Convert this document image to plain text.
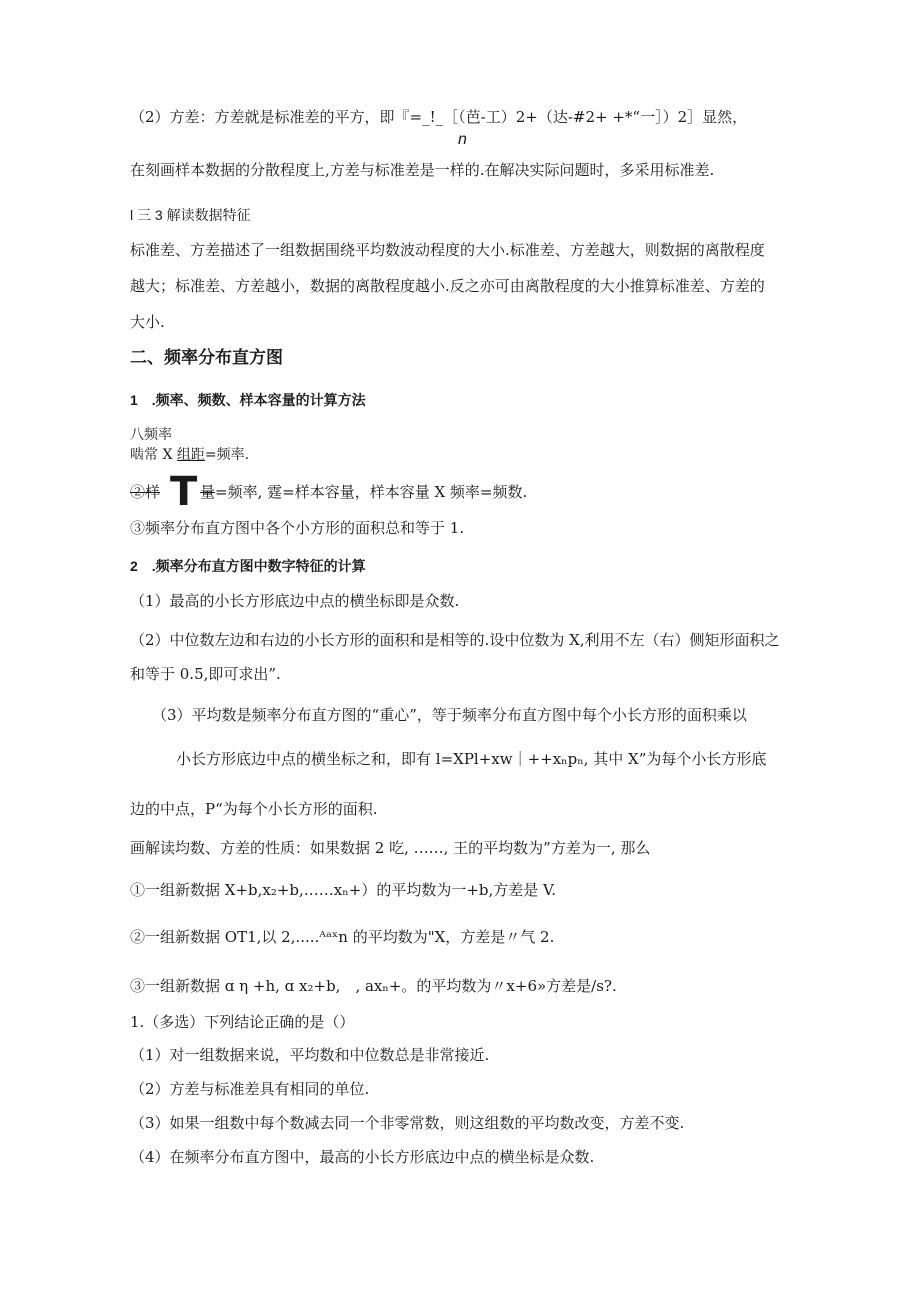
（2）方差：方差就是标准差的平方，即『=_!_［（芭-工）2+（达-#2+ +*“一］）2］显然，
n
在刻画样本数据的分散程度上,方差与标准差是一样的.在解决实际问题时，多采用标准差.
l 三 3 解读数据特征
标准差、方差描述了一组数据围绕平均数波动程度的大小.标准差、方差越大，则数据的离散程度
越大；标准差、方差越小，数据的离散程度越小.反之亦可由离散程度的大小推算标准差、方差的
大小.
二、频率分布直方图
1　.频率、频数、样本容量的计算方法
八频率
啮常 X 组距=频率.
②样	量=频率, 霆=样本容量，样本容量 X 频率=频数.
T
③频率分布直方图中各个小方形的面积总和等于 1.
2　.频率分布直方图中数字特征的计算
（1）最高的小长方形底边中点的横坐标即是众数.
（2）中位数左边和右边的小长方形的面积和是相等的.设中位数为 X,利用不左（右）侧矩形面积之
和等于 0.5,即可求出”.
（3）平均数是频率分布直方图的“重心”，等于频率分布直方图中每个小长方形的面积乘以
小长方形底边中点的横坐标之和，即有 l=XPl+xw｜++xₙpₙ, 其中 X”为每个小长方形底
边的中点，P“为每个小长方形的面积.
画解读均数、方差的性质：如果数据 2 吃, ……, 王的平均数为”方差为一, 那么
①一组新数据 X+b,x₂+b,……xₙ+）的平均数为一+b,方差是 V.
②一组新数据 OT1,以 2,.....ᴬᵃˣn 的平均数为"X，方差是〃气 2.
③一组新数据 ɑ η +h, ɑ x₂+b,　, axₙ+。的平均数为〃x+6»方差是/s?.
1.（多选）下列结论正确的是（）
（1）对一组数据来说，平均数和中位数总是非常接近.
（2）方差与标准差具有相同的单位.
（3）如果一组数中每个数减去同一个非零常数，则这组数的平均数改变，方差不变.
（4）在频率分布直方图中，最高的小长方形底边中点的横坐标是众数.
